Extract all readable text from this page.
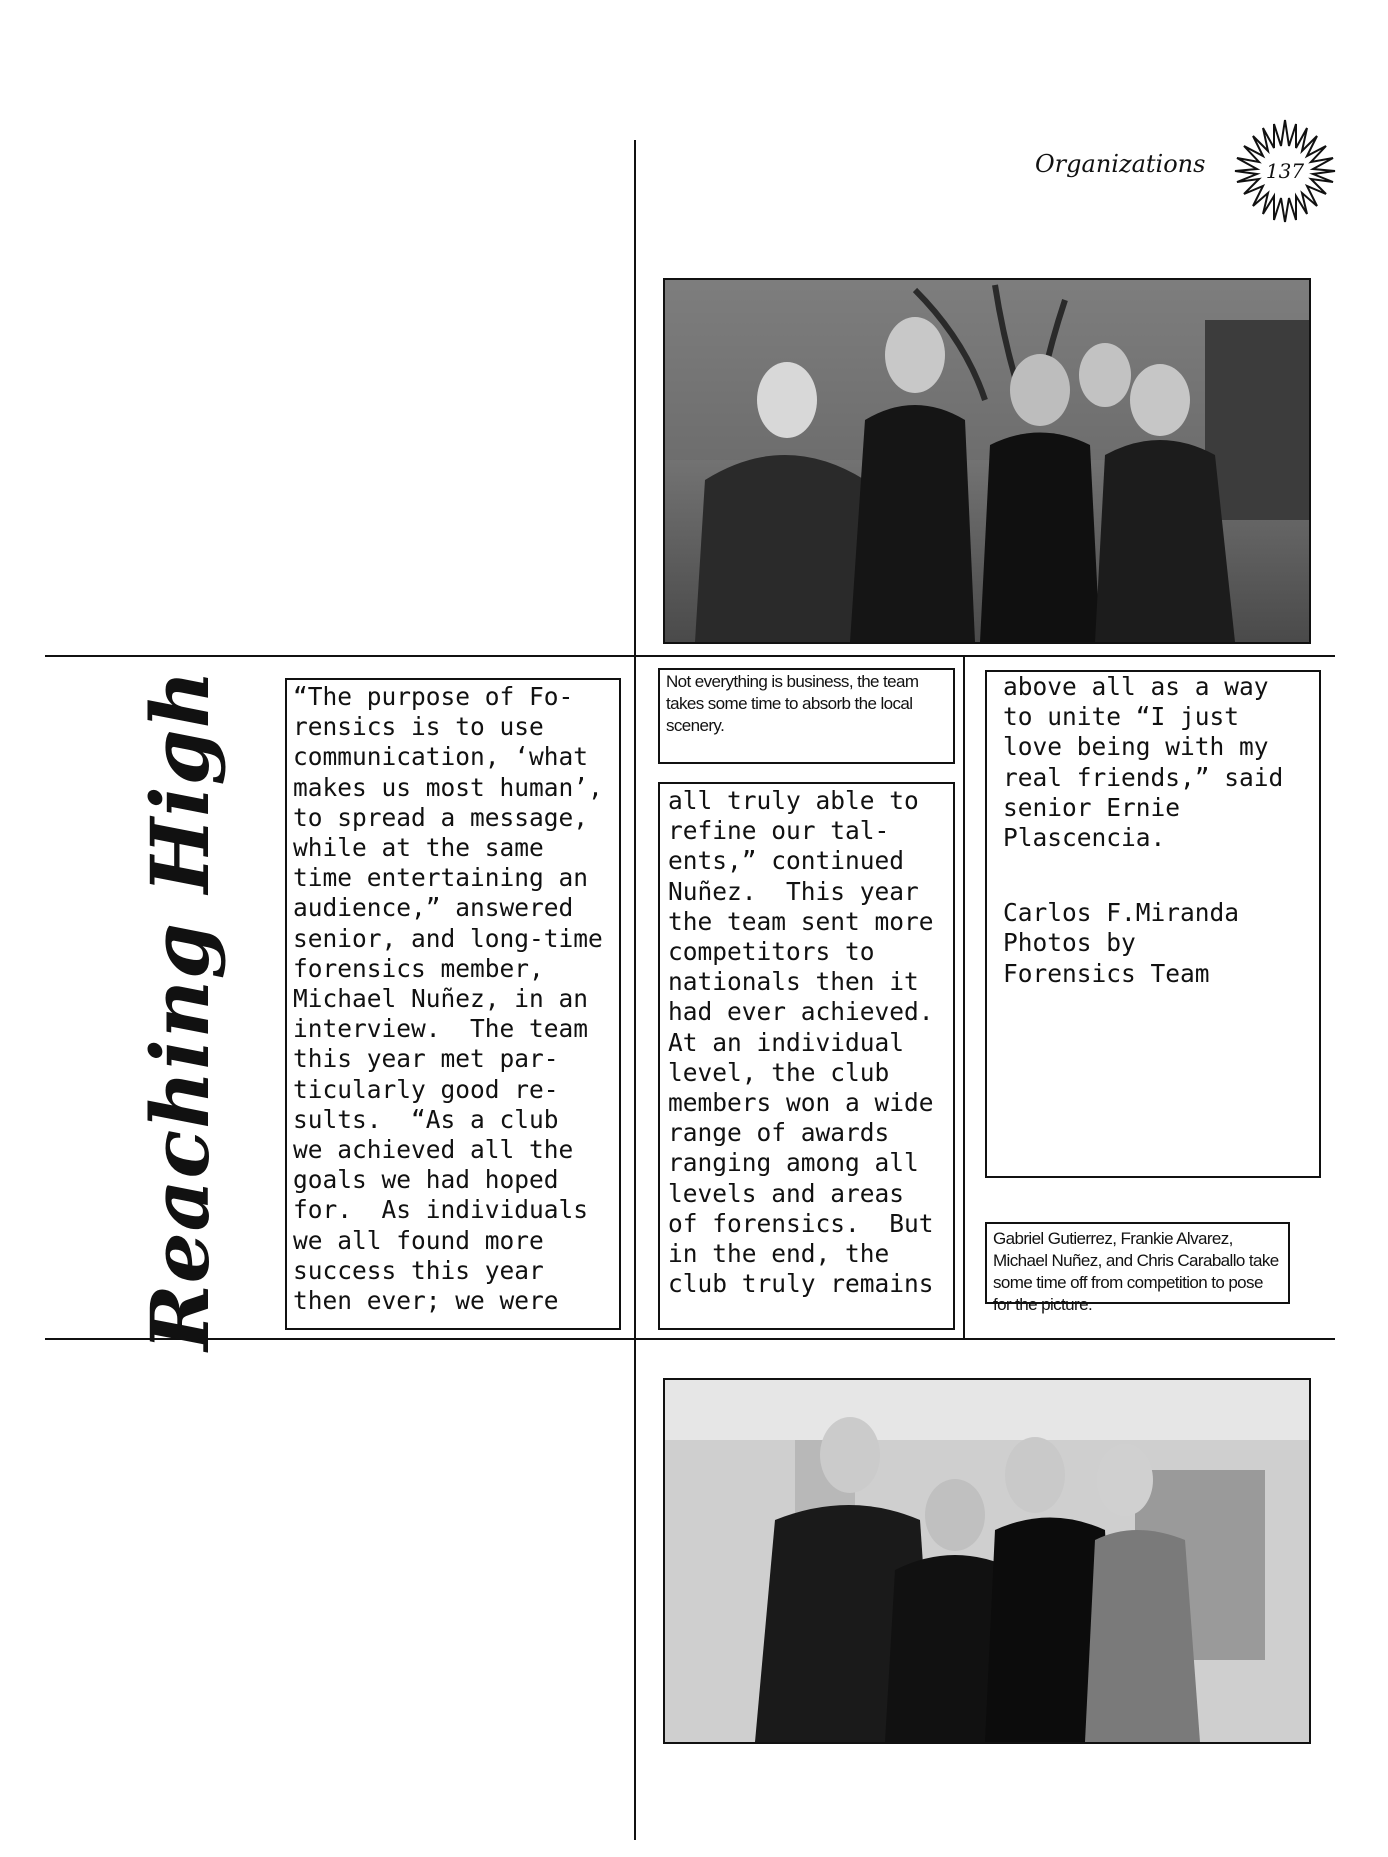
Organizations	137
Reaching High	“The purpose of Fo-
rensics is to use
communication, ‘what
makes us most human’,
to spread a message,
while at the same
time entertaining an
audience,” answered
senior, and long-time
forensics member,
Michael Nuñez, in an
interview.  The team
this year met par-
ticularly good re-
sults.  “As a club
we achieved all the
goals we had hoped
for.  As individuals
we all found more
success this year
then ever; we were
Not everything is business, the team takes some time to absorb the local scenery.
all truly able to
refine our tal-
ents,” continued
Nuñez.  This year
the team sent more
competitors to
nationals then it
had ever achieved.
At an individual
level, the club
members won a wide
range of awards
ranging among all
levels and areas
of forensics.  But
in the end, the
club truly remains
above all as a way
to unite “I just
love being with my
real friends,” said
senior Ernie
Plascencia.
Carlos F.Miranda
Photos by
Forensics Team
Gabriel Gutierrez, Frankie Alvarez, Michael Nuñez, and Chris Caraballo take some time off from competition to pose for the picture.
